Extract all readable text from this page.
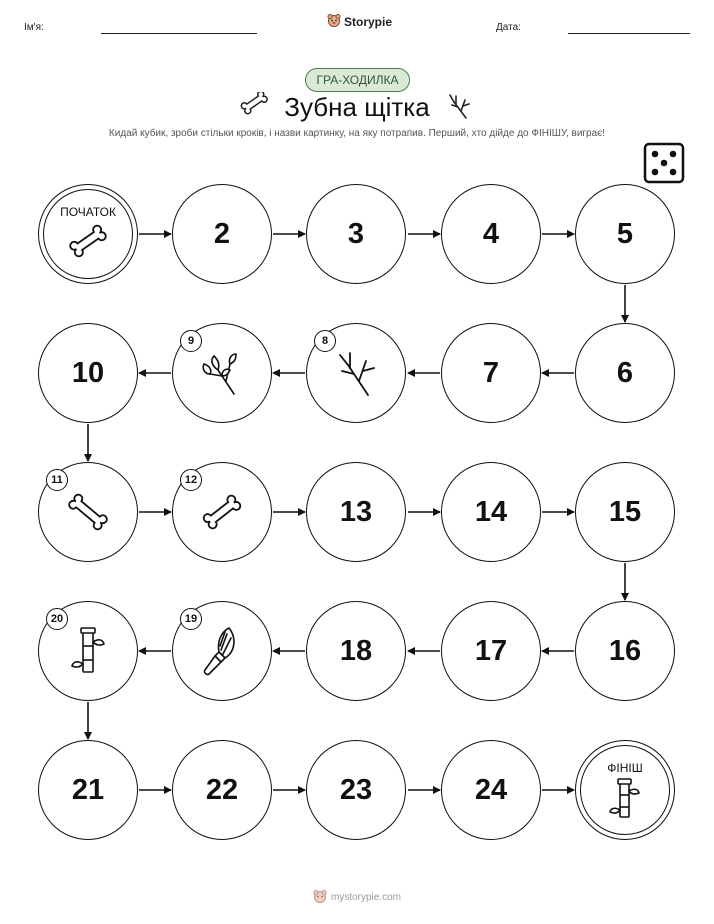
Ім'я:	Storypie	Дата:
ГРА-ХОДИЛКА
Зубна щітка
Кидай кубик, зроби стільки кроків, і назви картинку, на яку потрапив. Перший, хто дійде до ФІНІШУ, виграє!
ПОЧАТОК
2	3	4	5
10
9	8
7	6
11	12
13	14	15
20	19
18	17	16
21	22	23	24
ФІНІШ
mystorypie.com
